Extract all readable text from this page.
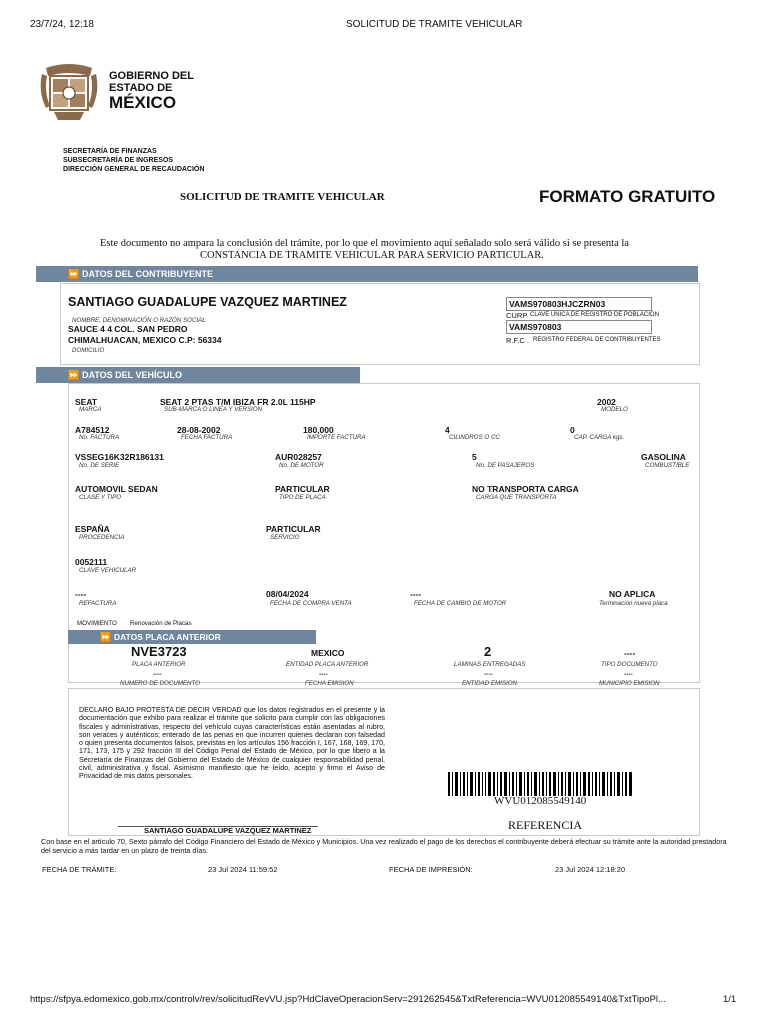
23/7/24, 12:18	SOLICITUD DE TRAMITE VEHICULAR
GOBIERNO DEL
ESTADO DE
MÉXICO
SECRETARÍA DE FINANZAS
SUBSECRETARÍA DE INGRESOS
DIRECCIÓN GENERAL DE RECAUDACIÓN
SOLICITUD DE TRAMITE VEHICULAR	FORMATO GRATUITO
Este documento no ampara la conclusión del trámite, por lo que el movimiento aquí señalado solo será válido si se presenta la
CONSTANCIA DE TRAMITE VEHICULAR PARA SERVICIO PARTICULAR.
⏩ DATOS DEL CONTRIBUYENTE
SANTIAGO GUADALUPE VAZQUEZ MARTINEZ
NOMBRE, DENOMINACIÓN O RAZÓN SOCIAL
SAUCE 4 4 COL. SAN PEDRO
CHIMALHUACAN, MEXICO C.P: 56334
DOMICILIO
VAMS970803HJCZRN03
CURP CLAVE UNICA DE REGISTRO DE POBLACIÓN
VAMS970803
R.F.C . REGISTRO FEDERAL DE CONTRIBUYENTES
⏩ DATOS DEL VEHÍCULO
SEAT
MARCA
SEAT 2 PTAS T/M IBIZA FR 2.0L 115HP
SUB-MARCA O LINEA Y VERSION
2002
MODELO
A784512
No. FACTURA
28-08-2002
FECHA FACTURA
180,000
IMPORTE FACTURA
4
CILINDROS O CC
0
CAP. CARGA kgs.
VSSEG16K32R186131
No. DE SERIE
AUR028257
No. DE MOTOR
5
No. DE PASAJEROS
GASOLINA
COMBUSTIBLE
AUTOMOVIL SEDAN
CLASE Y TIPO
PARTICULAR
TIPO DE PLACA
NO TRANSPORTA CARGA
CARGA QUE TRANSPORTA
ESPAÑA
PROCEDENCIA
PARTICULAR
SERVICIO
0052111
CLAVE VEHICULAR
----
REFACTURA
08/04/2024
FECHA DE COMPRA VENTA
----
FECHA DE CAMBIO DE MOTOR
NO APLICA
Terminación nueva placa
MOVIMIENTO Renovación de Placas
⏩ DATOS PLACA ANTERIOR
NVE3723
PLACA ANTERIOR
MEXICO
ENTIDAD PLACA ANTERIOR
2
LAMINAS ENTREGADAS
----
TIPO DOCUMENTO
----
NUMERO DE DOCUMENTO
----
FECHA EMISION
----
ENTIDAD EMISION
----
MUNICIPIO EMISION
DECLARO BAJO PROTESTA DE DECIR VERDAD que los datos registrados en el presente y la documentación que exhibo para realizar el trámite que solicito para cumplir con las obligaciones fiscales y administrativas, respecto del vehículo cuyas características están asentadas al rubro, son veraces y auténticos; enterado de las penas en que incurren quienes declaran con falsedad o quien presenta documentos falsos, previstas en los artículos 156 fracción I, 167, 168, 169, 170, 171, 173, 175 y 292 fracción III del Código Penal del Estado de México, por lo que libero a la Secretaría de Finanzas del Gobierno del Estado de México de cualquier responsabilidad penal, civil, administrativa y fiscal. Asimismo manifiesto que he leído, acepto y firmo el Aviso de Privacidad de mis datos personales.
WVU012085549140
REFERENCIA
SANTIAGO GUADALUPE VAZQUEZ MARTINEZ
Con base en el artículo 70, Sexto párrafo del Código Financiero del Estado de México y Municipios. Una vez realizado el pago de los derechos el contribuyente deberá efectuar su trámite ante la autoridad prestadora del servicio a más tardar en un plazo de treinta días.
FECHA DE TRÁMITE:	23 Jul 2024 11:59:52	FECHA DE IMPRESIÓN:	23 Jul 2024 12:18:20
https://sfpya.edomexico.gob.mx/controlv/rev/solicitudRevVU.jsp?HdClaveOperacionServ=291262545&TxtReferencia=WVU012085549140&TxtTipoPl...	1/1
